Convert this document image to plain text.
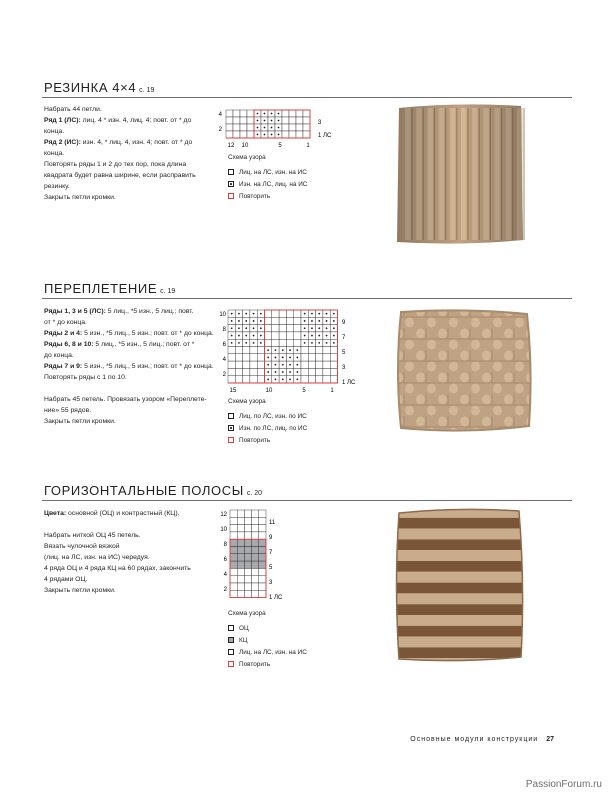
РЕЗИНКА 4×4 с. 19

Набрать 44 петли.

Ряд 1 (ЛС): лиц. 4 * изн. 4, лиц. 4; повт. от * до

конца.

Ряд 2 (ИС): изн. 4, * лиц. 4, изн. 4; повт. от * до

конца.

Повторять ряды 1 и 2 до тех пор, пока длина

квадрата будет равна ширине, если расправить

резинку.

Закрыть петли кромки.

4
2
3
1 ЛС
12 10	5	1
Схема узора
Лиц. на ЛС, изн. на ИС
Изн. на ЛС, лиц. на ИС
Повторить
ПЕРЕПЛЕТЕНИЕ с. 19

Ряды 1, 3 и 5 (ЛС): 5 лиц., *5 изн., 5 лиц.; повт.

от * до конца.

Ряды 2 и 4: 5 изн., *5 лиц., 5 изн.; повт. от * до конца.

Ряды 6, 8 и 10: 5 лиц., *5 изн., 5 лиц.; повт. от *

до конца.

Ряды 7 и 9: 5 изн., *5 лиц., 5 изн.; повт. от * до конца.

Повторять ряды с 1 по 10.

Набрать 45 петель. Провязать узором «Переплете-

ние» 55 рядов.

Закрыть петли кромки.

10
8
6
4
2
9
7
5
3
1 ЛС
15	10	5	1
Схема узора
Лиц. по ЛС, изн. по ИС
Изн. по ЛС, лиц. по ИС
Повторить
ГОРИЗОНТАЛЬНЫЕ ПОЛОСЫ с. 20

Цвета: основной (ОЦ) и контрастный (КЦ).

Набрать ниткой ОЦ 45 петель.

Вязать чулочной вязкой

(лиц. на ЛС, изн. на ИС) чередуя.

4 ряда ОЦ и 4 ряда КЦ на 60 рядах, закончить

4 рядами ОЦ.

Закрыть петли кромки.

12
10
8
6
4
2
11
9
7
5
3
1 ЛС
Схема узора
ОЦ
КЦ
Лиц. на ЛС, изн. на ИС
Повторить
Основные модули конструкции 27
PassionForum.ru
